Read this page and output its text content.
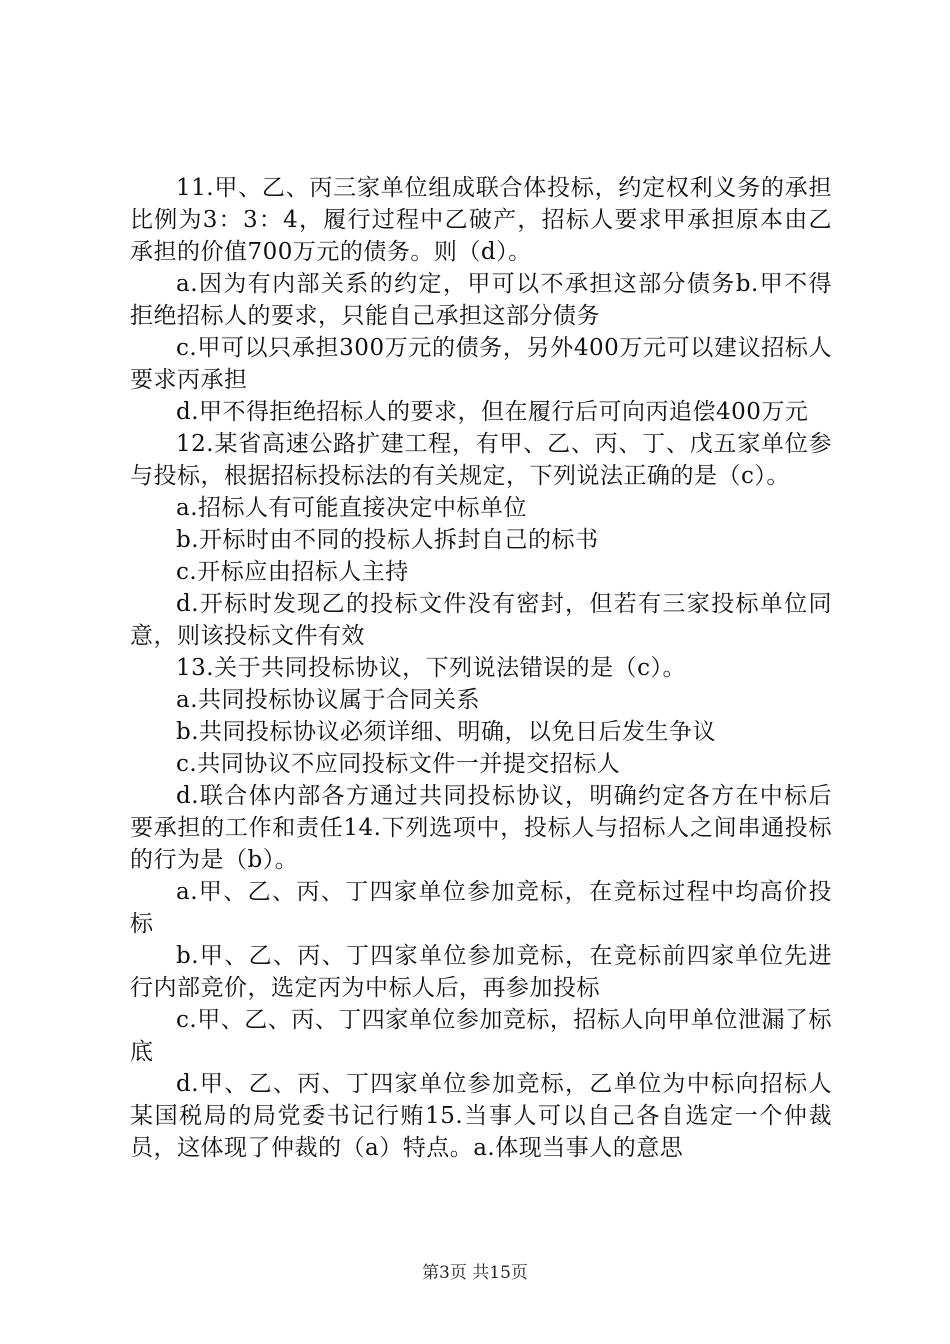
11.甲、乙、丙三家单位组成联合体投标，约定权利义务的承担比例为3：3：4，履行过程中乙破产，招标人要求甲承担原本由乙承担的价值700万元的债务。则（d）。

a.因为有内部关系的约定，甲可以不承担这部分债务b.甲不得拒绝招标人的要求，只能自己承担这部分债务

c.甲可以只承担300万元的债务，另外400万元可以建议招标人要求丙承担

d.甲不得拒绝招标人的要求，但在履行后可向丙追偿400万元

12.某省高速公路扩建工程，有甲、乙、丙、丁、戊五家单位参与投标，根据招标投标法的有关规定，下列说法正确的是（c）。

a.招标人有可能直接决定中标单位

b.开标时由不同的投标人拆封自己的标书

c.开标应由招标人主持

d.开标时发现乙的投标文件没有密封，但若有三家投标单位同意，则该投标文件有效

13.关于共同投标协议，下列说法错误的是（c）。

a.共同投标协议属于合同关系

b.共同投标协议必须详细、明确，以免日后发生争议

c.共同协议不应同投标文件一并提交招标人

d.联合体内部各方通过共同投标协议，明确约定各方在中标后要承担的工作和责任14.下列选项中，投标人与招标人之间串通投标的行为是（b）。

a.甲、乙、丙、丁四家单位参加竞标，在竞标过程中均高价投标

b.甲、乙、丙、丁四家单位参加竞标，在竞标前四家单位先进行内部竞价，选定丙为中标人后，再参加投标

c.甲、乙、丙、丁四家单位参加竞标，招标人向甲单位泄漏了标底

d.甲、乙、丙、丁四家单位参加竞标，乙单位为中标向招标人某国税局的局党委书记行贿15.当事人可以自己各自选定一个仲裁员，这体现了仲裁的（a）特点。a.体现当事人的意思

第3页 共15页
